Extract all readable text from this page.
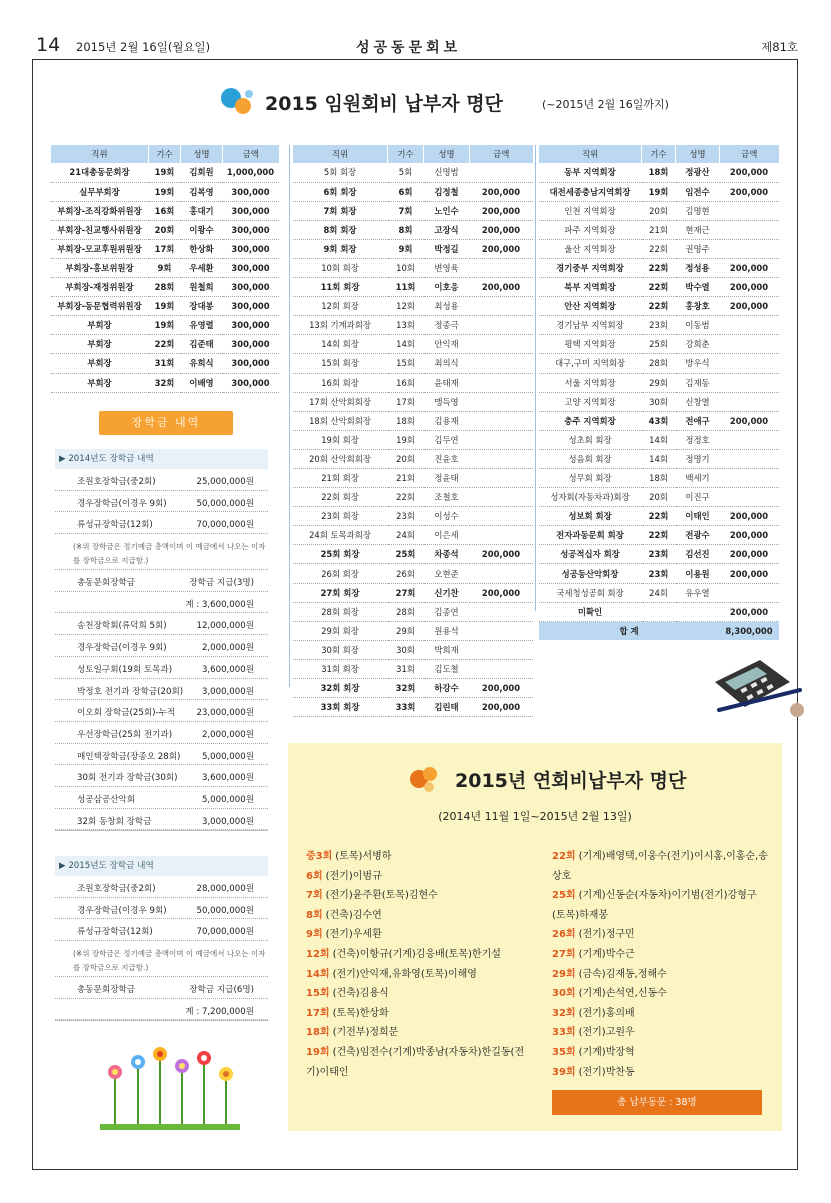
14 2015년 2월 16일(월요일)	성공동문회보	제81호
2015 임원회비 납부자 명단	(~2015년 2월 16일까지)
직위	기수	성명	금액
21대총동문회장	19회	김회원	1,000,000
실무부회장	19회	김복영	300,000
부회장-조직강화위원장	16회	홍대기	300,000
부회장-친교행사위원장	20회	이왕수	300,000
부회장-모교후원위원장	17회	한상화	300,000
부회장-홍보위원장	9회	우세환	300,000
부회장-재정위원장	28회	원철희	300,000
부회장-동문협력위원장	19회	장대봉	300,000
부회장	19회	유영렬	300,000
부회장	22회	김준태	300,000
부회장	31회	유희식	300,000
부회장	32회	이배영	300,000
직위	기수	성명	금액
5회 회장	5회	신명범	
6회 회장	6회	김정철	200,000
7회 회장	7회	노인수	200,000
8회 회장	8회	고장식	200,000
9회 회장	9회	박정길	200,000
10회 회장	10회	변영육	
11회 회장	11회	이호응	200,000
12회 회장	12회	최성용	
13회 기계과회장	13회	정종극	
14회 회장	14회	안익재	
15회 회장	15회	최의식	
16회 회장	16회	윤태재	
17회 산악회회장	17회	맹득영	
18회 산악회회장	18회	김용재	
19회 회장	19회	김두연	
20회 산악회회장	20회	진윤호	
21회 회장	21회	정윤태	
22회 회장	22회	조철호	
23회 회장	23회	이성수	
24회 토목과회장	24회	이은세	
25회 회장	25회	차종석	200,000
26회 회장	26회	오현준	
27회 회장	27회	신기찬	200,000
28회 회장	28회	김종연	
29회 회장	29회	원용석	
30회 회장	30회	박희재	
31회 회장	31회	김도철	
32회 회장	32회	하강수	200,000
33회 회장	33회	김린태	200,000
직위	기수	성명	금액
동부 지역회장	18회	정광산	200,000
대전세종충남지역회장	19회	임전수	200,000
인천 지역회장	20회	김명현	
파주 지역회장	21회	현재근	
울산 지역회장	22회	권명주	
경기중부 지역회장	22회	정성용	200,000
북부 지역회장	22회	박수열	200,000
안산 지역회장	22회	홍창호	200,000
경기남부 지역회장	23회	이동범	
평택 지역회장	25회	강희춘	
대구,구미 지역회장	28회	방우식	
서울 지역회장	29회	김재동	
고양 지역회장	30회	신창열	
충주 지역회장	43회	전애구	200,000
성초회 회장	14회	정정호	
성음회 회장	14회	정명기	
성무회 회장	18회	백세기	
성자회(자동차과)회장	20회	이진구	
성보회 회장	22회	이태인	200,000
전자과동문회 회장	22회	전광수	200,000
성공적십자 회장	23회	김선진	200,000
성공동산악회장	23회	이용원	200,000
국세청성공회 회장	24회	유우열	
미확인			200,000
합 계			8,300,000
장학금 내역
▶ 2014년도 장학금 내역
조원호장학금(중2회)	25,000,000원
경우장학금(이경우 9회)	50,000,000원
류성규장학금(12회)	70,000,000원
(※위 장학금은 정기예금 총액이며 이 예금에서 나오는 이자를 장학금으로 지급함.)
총동문회장학금	장학금 지급(3명)
계 : 3,600,000원
송천장학회(류덕희 5회)	12,000,000원
경우장학금(이경우 9회)	2,000,000원
성토일구회(19회 토목과)	3,600,000원
박정호 전기과 장학금(20회) 3,000,000원
이오회 장학금(25회)-누적 23,000,000원
우선장학금(25회 전기과)	2,000,000원
매인택장학금(장종오 28회)	5,000,000원
30회 전기과 장학금(30회)	3,600,000원
성공삼공산악회	5,000,000원
32회 동창회 장학금	3,000,000원
▶ 2015년도 장학금 내역
조원호장학금(중2회)	28,000,000원
경우장학금(이경우 9회)	50,000,000원
류성규장학금(12회)	70,000,000원
(※위 장학금은 정기예금 총액이며 이 예금에서 나오는 이자를 장학금으로 지급함.)
총동문회장학금	장학금 지급(6명)
계 : 7,200,000원
2015년 연회비납부자 명단
(2014년 11월 1일~2015년 2월 13일)
중3회 (토목)서병하
6회 (전기)이범규
7회 (전기)윤주환(토목)김현수
8회 (건축)김수연
9회 (전기)우세환
12회 (건축)이항규(기계)김응배(토목)한기설
14회 (전기)안익재,유화영(토목)이해영
15회 (건축)김용식
17회 (토목)한상화
18회 (기전부)정희문
19회 (건축)임전수(기계)박종남(자동차)한길동(전기)이태인
22회 (기계)배영택,이웅수(전기)이시홍,이홍순,송상호
25회 (기계)신동순(자동차)이기범(전기)강형구(토목)하재봉
26회 (전기)정구민
27회 (기계)박수근
29회 (금속)김재동,정해수
30회 (기계)손석연,신동수
32회 (전기)홍의배
33회 (전기)고원우
35회 (기계)박장혁
39회 (전기)박찬동
총 납부동문 : 38명
